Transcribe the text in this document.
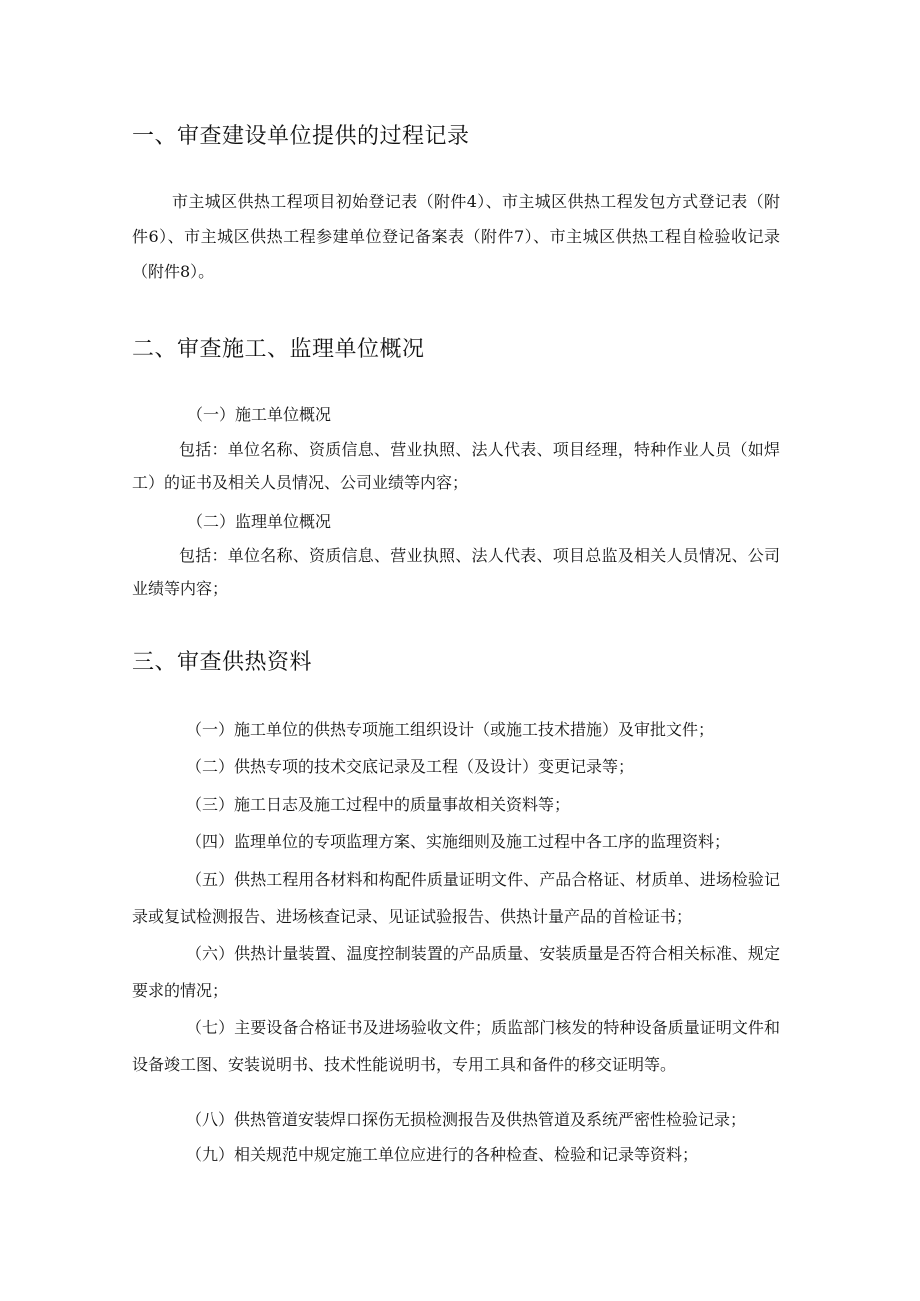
一、审查建设单位提供的过程记录
市主城区供热工程项目初始登记表（附件4）、市主城区供热工程发包方式登记表（附件6）、市主城区供热工程参建单位登记备案表（附件7）、市主城区供热工程自检验收记录（附件8）。
二、审查施工、监理单位概况
（一）施工单位概况
包括：单位名称、资质信息、营业执照、法人代表、项目经理，特种作业人员（如焊工）的证书及相关人员情况、公司业绩等内容；
（二）监理单位概况
包括：单位名称、资质信息、营业执照、法人代表、项目总监及相关人员情况、公司业绩等内容；
三、审查供热资料
（一）施工单位的供热专项施工组织设计（或施工技术措施）及审批文件；
（二）供热专项的技术交底记录及工程（及设计）变更记录等；
（三）施工日志及施工过程中的质量事故相关资料等；
（四）监理单位的专项监理方案、实施细则及施工过程中各工序的监理资料；
（五）供热工程用各材料和构配件质量证明文件、产品合格证、材质单、进场检验记录或复试检测报告、进场核查记录、见证试验报告、供热计量产品的首检证书；
（六）供热计量装置、温度控制装置的产品质量、安装质量是否符合相关标准、规定要求的情况；
（七）主要设备合格证书及进场验收文件；质监部门核发的特种设备质量证明文件和设备竣工图、安装说明书、技术性能说明书，专用工具和备件的移交证明等。
（八）供热管道安装焊口探伤无损检测报告及供热管道及系统严密性检验记录；
（九）相关规范中规定施工单位应进行的各种检查、检验和记录等资料；
